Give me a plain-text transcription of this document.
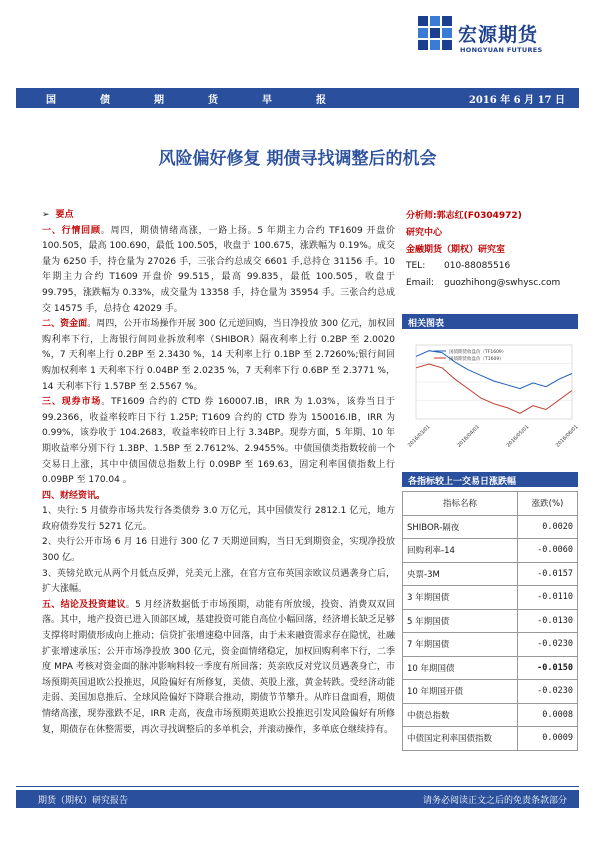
宏源期货
HONGYUAN FUTURES
国	债	期	货	早	报	2016 年 6 月 17 日
风险偏好修复 期债寻找调整后的机会

➢ 要点

一、行情回顾。周四，期债情绪高涨，一路上扬。5 年期主力合约 TF1609 开盘价 100.505，最高 100.690，最低 100.505，收盘于 100.675，涨跌幅为 0.19%。成交量为 6250 手，持仓量为 27026 手，三张合约总成交 6601 手,总持仓 31156 手。10 年期主力合约 T1609 开盘价 99.515，最高 99.835，最低 100.505，收盘于 99.795，涨跌幅为 0.33%，成交量为 13358 手，持仓量为 35954 手。三张合约总成交 14575 手，总持仓 42029 手。

二、资金面。周四，公开市场操作开展 300 亿元逆回购，当日净投放 300 亿元，加权回购利率下行，上海银行间同业拆放利率（SHIBOR）隔夜利率上行 0.2BP 至 2.0020 %，7 天利率上行 0.2BP 至 2.3430 %，14 天利率上行 0.1BP 至 2.7260%;银行间回购加权利率 1 天利率下行 0.04BP 至 2.0235 %，7 天利率下行 0.6BP 至 2.3771 %，14 天利率下行 1.57BP 至 2.5567 %。

三、现券市场。TF1609 合约的 CTD 券 160007.IB，IRR 为 1.03%，该券当日于 99.2366，收益率较昨日下行 1.25P; T1609 合约的 CTD 券为 150016.IB，IRR 为 0.99%，该券收于 104.2683，收益率较昨日上行 3.34BP。现券方面，5 年期、10 年期收益率分别下行 1.3BP、1.5BP 至 2.7612%、2.9455%。中债国债类指数较前一个交易日上涨，其中中债国债总指数上行 0.09BP 至 169.63，固定利率国债指数上行 0.09BP 至 170.04 。

四、财经资讯。

1、央行: 5 月债券市场共发行各类债券 3.0 万亿元，其中国债发行 2812.1 亿元，地方政府债券发行 5271 亿元。

2、央行公开市场 6 月 16 日进行 300 亿 7 天期逆回购，当日无到期资金，实现净投放 300 亿。

3、英镑兑欧元从两个月低点反弹，兑美元上涨，在官方宣布英国亲欧议员遇袭身亡后，扩大涨幅。

五、结论及投资建议。5 月经济数据低于市场预期，动能有所放缓，投资、消费双双回落。其中，地产投资已进入顶部区域，基建投资可能自高位小幅回落，经济增长缺乏足够支撑将时期债形成向上推动；信贷扩张增速稳中回落，由于未来融资需求存在隐忧，社融扩张增速承压；公开市场净投放 300 亿元，资金面情绪稳定，加权回购利率下行，二季度 MPA 考核对资金面的脉冲影响料较一季度有所回落；英亲欧反对党议员遇袭身亡，市场预期英国退欧公投推迟，风险偏好有所修复，美债、英股上涨，黄金转跌。受经济动能走弱、美国加息推后、全球风险偏好下降联合推动，期债节节攀升。从昨日盘面看，期债情绪高涨，现券涨跌不足，IRR 走高，夜盘市场预期英退欧公投推迟引发风险偏好有所修复，期债存在休整需要，再次寻找调整后的多单机会，并滚动操作，多单底仓继续持有。

分析师:郭志红(F0304972)
研究中心
金融期货（期权）研究室
TEL:	010-88085516
Email:	guozhihong@swhysc.com
相关图表
国债期货收盘价（TF1609）
国债期货收盘价（T1609）
2016/03/01	2016/04/01	2016/05/01	2016/06/01
各指标较上一交易日涨跌幅
指标名称	涨跌(%)
SHIBOR-隔夜	0.0020
回购利率-14	-0.0060
央票-3M	-0.0157
3 年期国债	-0.0110
5 年期国债	-0.0130
7 年期国债	-0.0230
10 年期国债	-0.0150
10 年期国开债	-0.0230
中债总指数	0.0008
中债国定利率国债指数	0.0009
期货（期权）研究报告	请务必阅读正文之后的免责条款部分
